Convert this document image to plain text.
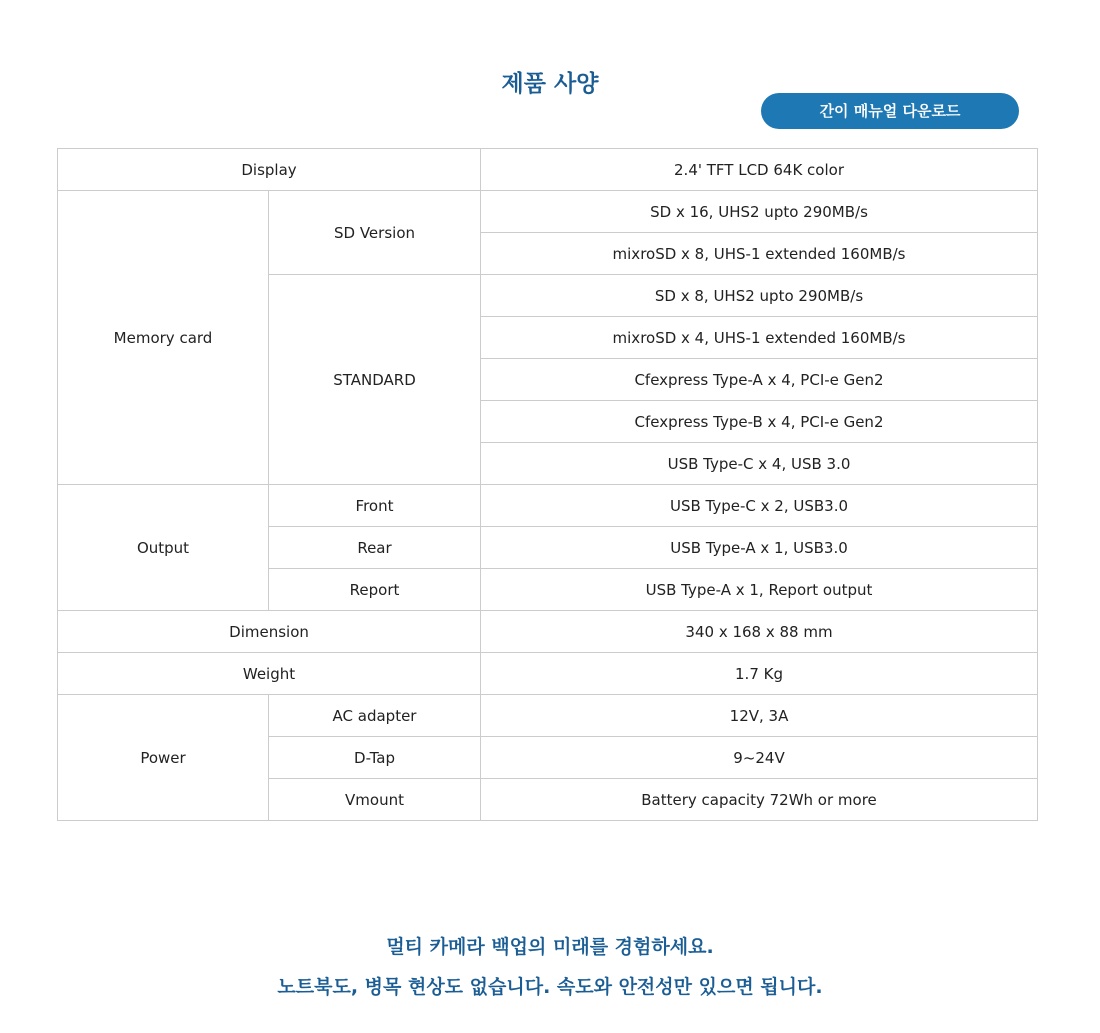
제품 사양
간이 매뉴얼 다운로드
Display		2.4' TFT LCD 64K color
Memory card	SD Version	SD x 16, UHS2 upto 290MB/s
		mixroSD x 8, UHS-1 extended 160MB/s
	STANDARD	SD x 8, UHS2 upto 290MB/s
		mixroSD x 4, UHS-1 extended 160MB/s
		Cfexpress Type-A x 4, PCI-e Gen2
		Cfexpress Type-B x 4, PCI-e Gen2
		USB Type-C x 4, USB 3.0
Output	Front	USB Type-C x 2, USB3.0
	Rear	USB Type-A x 1, USB3.0
	Report	USB Type-A x 1, Report output
Dimension		340 x 168 x 88 mm
Weight		1.7 Kg
Power	AC adapter	12V, 3A
	D-Tap	9~24V
	Vmount	Battery capacity 72Wh or more
멀티 카메라 백업의 미래를 경험하세요.
노트북도, 병목 현상도 없습니다. 속도와 안전성만 있으면 됩니다.
